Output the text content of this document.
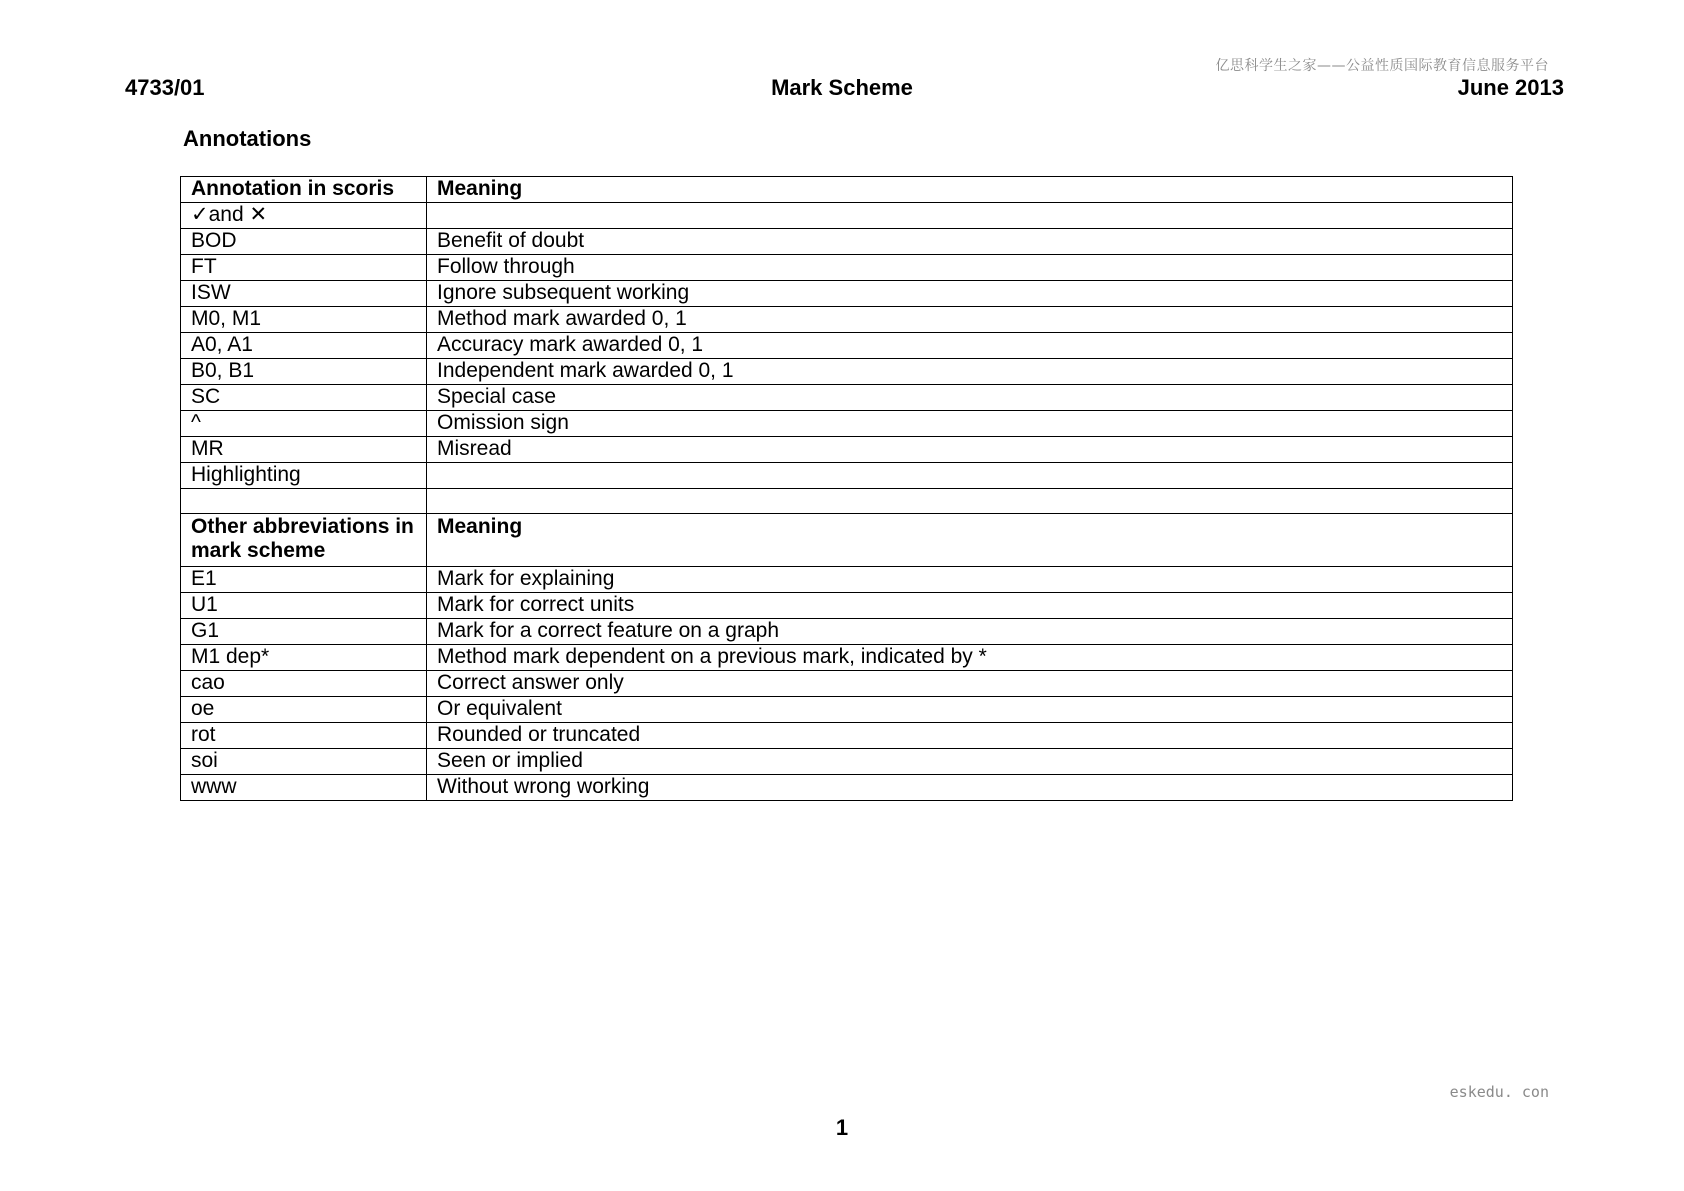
亿思科学生之家——公益性质国际教育信息服务平台
4733/01	Mark Scheme	June 2013
Annotations
Annotation in scoris	Meaning
✓and ✕	
BOD	Benefit of doubt
FT	Follow through
ISW	Ignore subsequent working
M0, M1	Method mark awarded 0, 1
A0, A1	Accuracy mark awarded 0, 1
B0, B1	Independent mark awarded 0, 1
SC	Special case
^	Omission sign
MR	Misread
Highlighting	

Other abbreviations in mark scheme	Meaning
E1	Mark for explaining
U1	Mark for correct units
G1	Mark for a correct feature on a graph
M1 dep*	Method mark dependent on a previous mark, indicated by *
cao	Correct answer only
oe	Or equivalent
rot	Rounded or truncated
soi	Seen or implied
www	Without wrong working
eskedu. con
1
